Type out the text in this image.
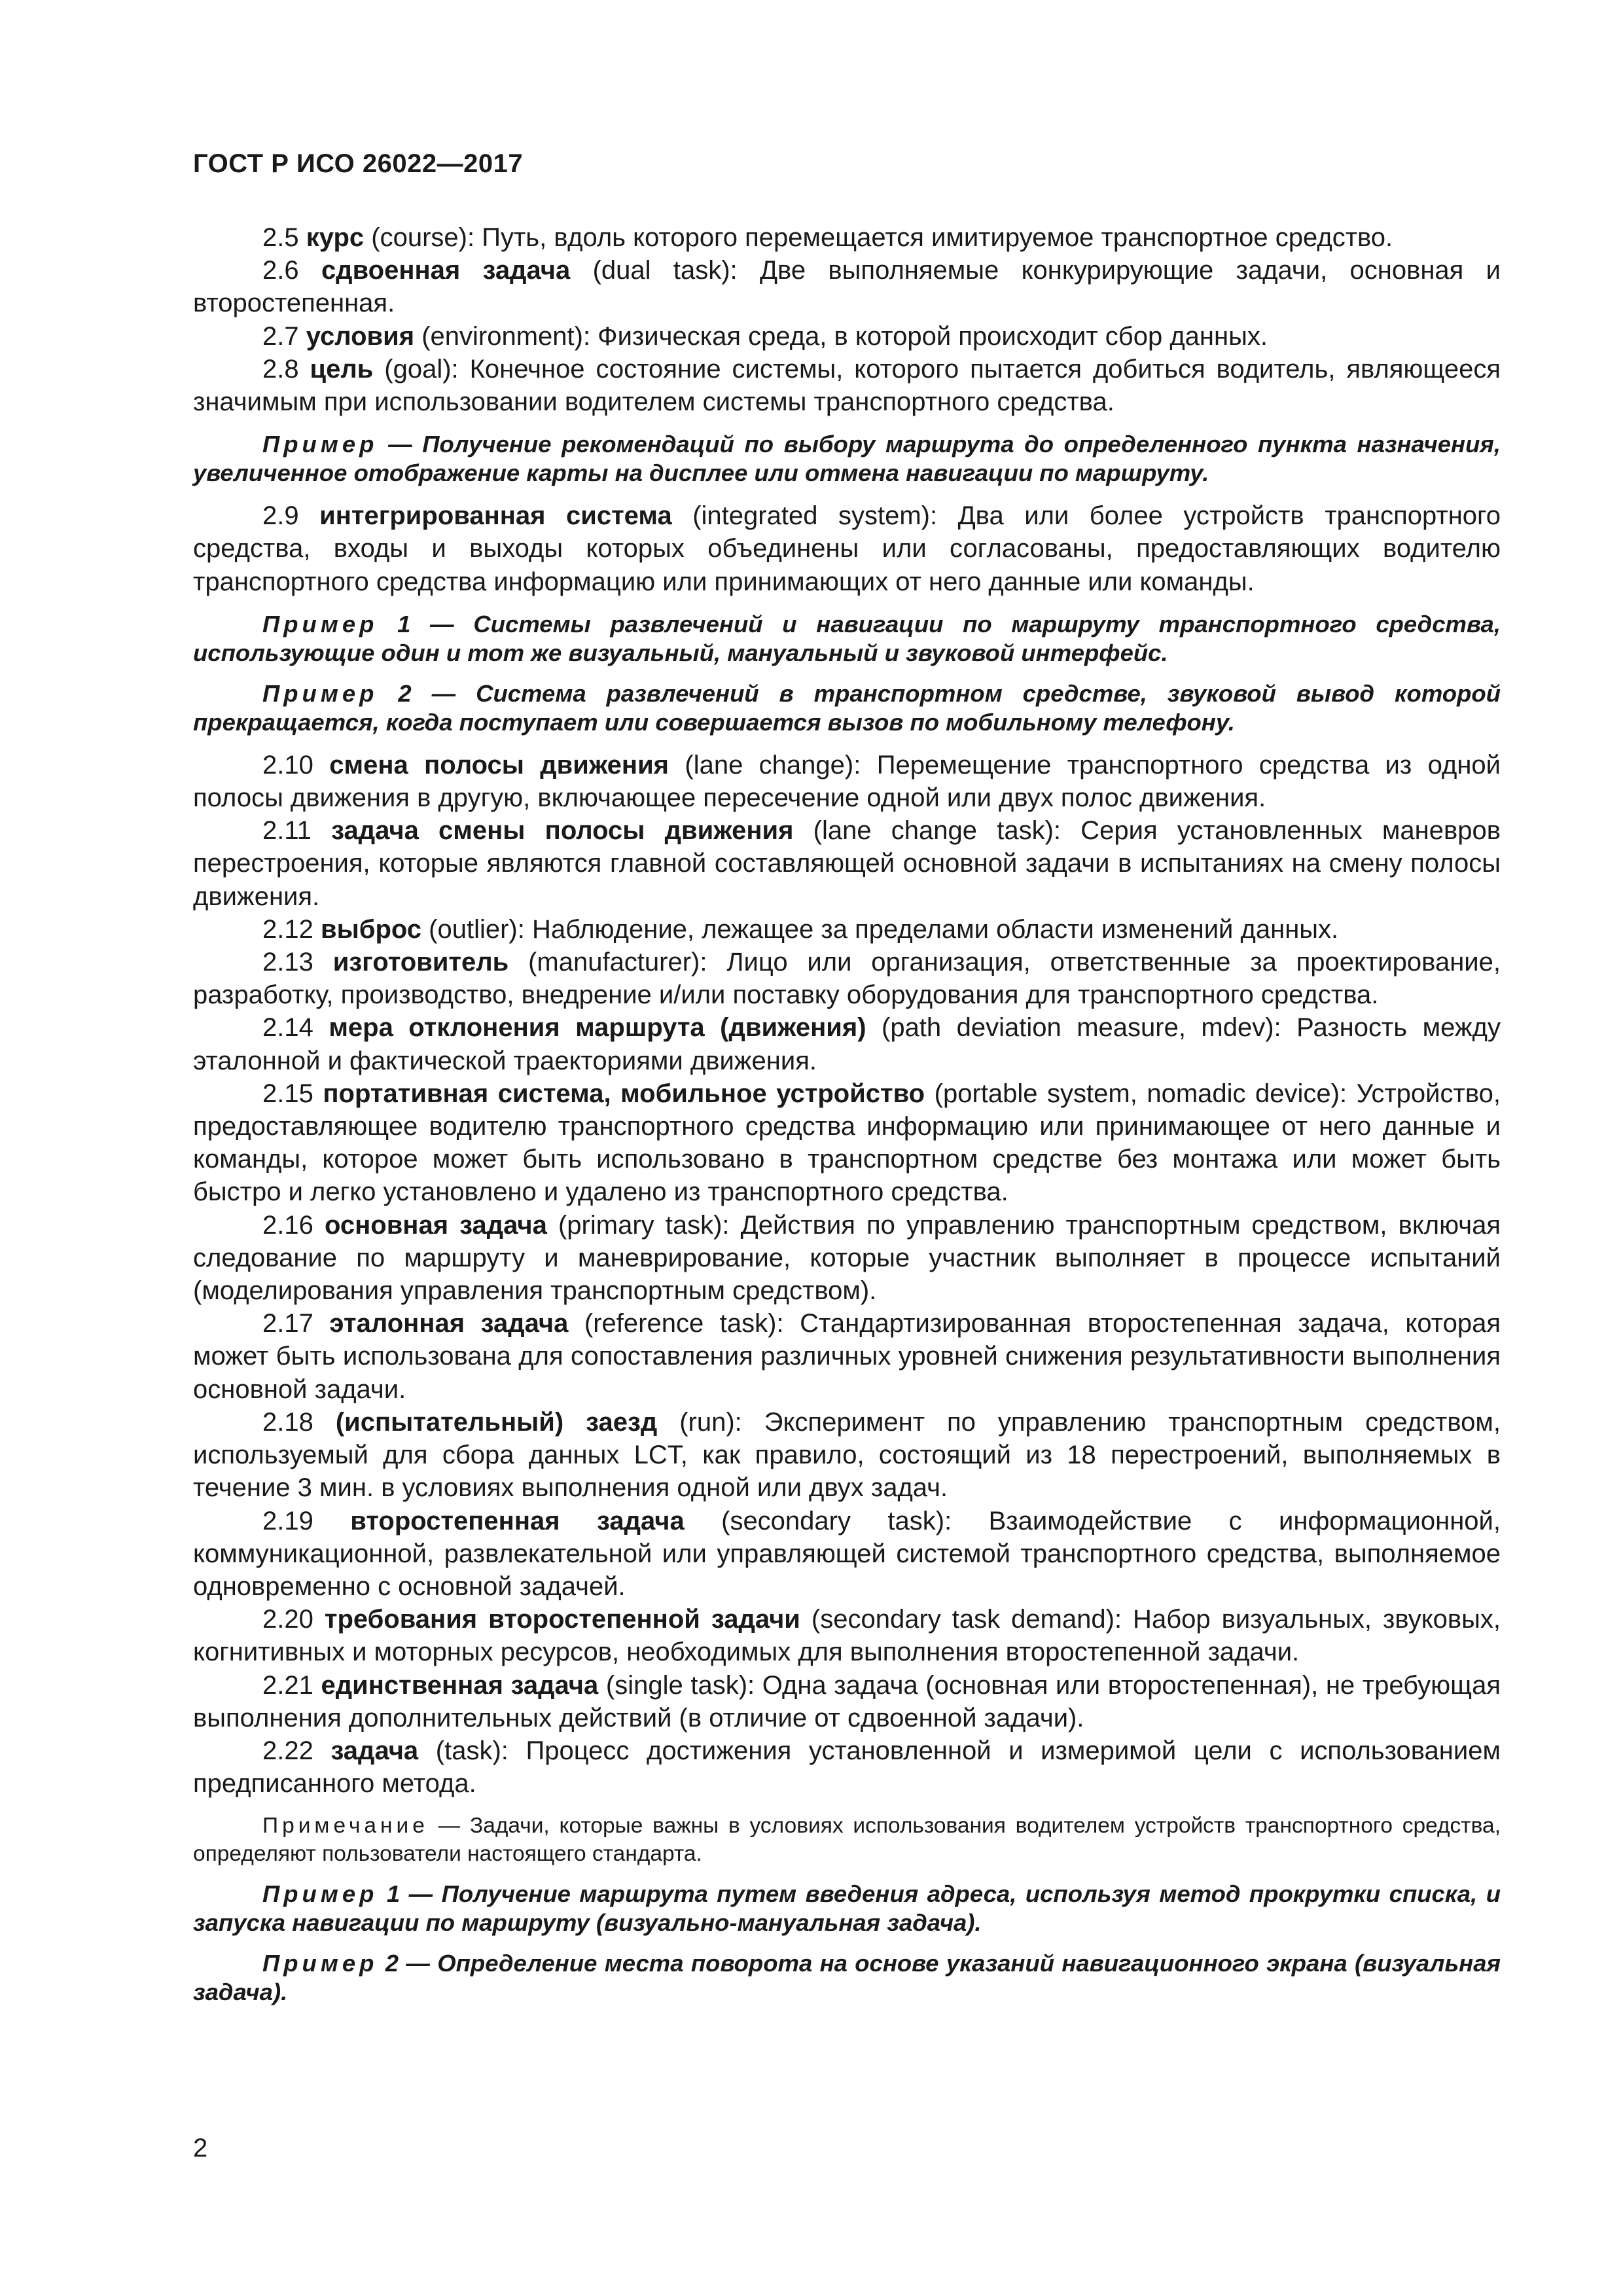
ГОСТ Р ИСО 26022—2017

2.5 курс (course): Путь, вдоль которого перемещается имитируемое транспортное средство.

2.6 сдвоенная задача (dual task): Две выполняемые конкурирующие задачи, основная и второстепенная.

2.7 условия (environment): Физическая среда, в которой происходит сбор данных.

2.8 цель (goal): Конечное состояние системы, которого пытается добиться водитель, являющееся значимым при использовании водителем системы транспортного средства.

Пример — Получение рекомендаций по выбору маршрута до определенного пункта назначения, увеличенное отображение карты на дисплее или отмена навигации по маршруту.

2.9 интегрированная система (integrated system): Два или более устройств транспортного средства, входы и выходы которых объединены или согласованы, предоставляющих водителю транспортного средства информацию или принимающих от него данные или команды.

Пример 1 — Системы развлечений и навигации по маршруту транспортного средства, использующие один и тот же визуальный, мануальный и звуковой интерфейс.

Пример 2 — Система развлечений в транспортном средстве, звуковой вывод которой прекращается, когда поступает или совершается вызов по мобильному телефону.

2.10 смена полосы движения (lane change): Перемещение транспортного средства из одной полосы движения в другую, включающее пересечение одной или двух полос движения.

2.11 задача смены полосы движения (lane change task): Серия установленных маневров перестроения, которые являются главной составляющей основной задачи в испытаниях на смену полосы движения.

2.12 выброс (outlier): Наблюдение, лежащее за пределами области изменений данных.

2.13 изготовитель (manufacturer): Лицо или организация, ответственные за проектирование, разработку, производство, внедрение и/или поставку оборудования для транспортного средства.

2.14 мера отклонения маршрута (движения) (path deviation measure, mdev): Разность между эталонной и фактической траекториями движения.

2.15 портативная система, мобильное устройство (portable system, nomadic device): Устройство, предоставляющее водителю транспортного средства информацию или принимающее от него данные и команды, которое может быть использовано в транспортном средстве без монтажа или может быть быстро и легко установлено и удалено из транспортного средства.

2.16 основная задача (primary task): Действия по управлению транспортным средством, включая следование по маршруту и маневрирование, которые участник выполняет в процессе испытаний (моделирования управления транспортным средством).

2.17 эталонная задача (reference task): Стандартизированная второстепенная задача, которая может быть использована для сопоставления различных уровней снижения результативности выполнения основной задачи.

2.18 (испытательный) заезд (run): Эксперимент по управлению транспортным средством, используемый для сбора данных LCT, как правило, состоящий из 18 перестроений, выполняемых в течение 3 мин. в условиях выполнения одной или двух задач.

2.19 второстепенная задача (secondary task): Взаимодействие с информационной, коммуникационной, развлекательной или управляющей системой транспортного средства, выполняемое одновременно с основной задачей.

2.20 требования второстепенной задачи (secondary task demand): Набор визуальных, звуковых, когнитивных и моторных ресурсов, необходимых для выполнения второстепенной задачи.

2.21 единственная задача (single task): Одна задача (основная или второстепенная), не требующая выполнения дополнительных действий (в отличие от сдвоенной задачи).

2.22 задача (task): Процесс достижения установленной и измеримой цели с использованием предписанного метода.

Примечание — Задачи, которые важны в условиях использования водителем устройств транспортного средства, определяют пользователи настоящего стандарта.

Пример 1 — Получение маршрута путем введения адреса, используя метод прокрутки списка, и запуска навигации по маршруту (визуально-мануальная задача).

Пример 2 — Определение места поворота на основе указаний навигационного экрана (визуальная задача).

2
